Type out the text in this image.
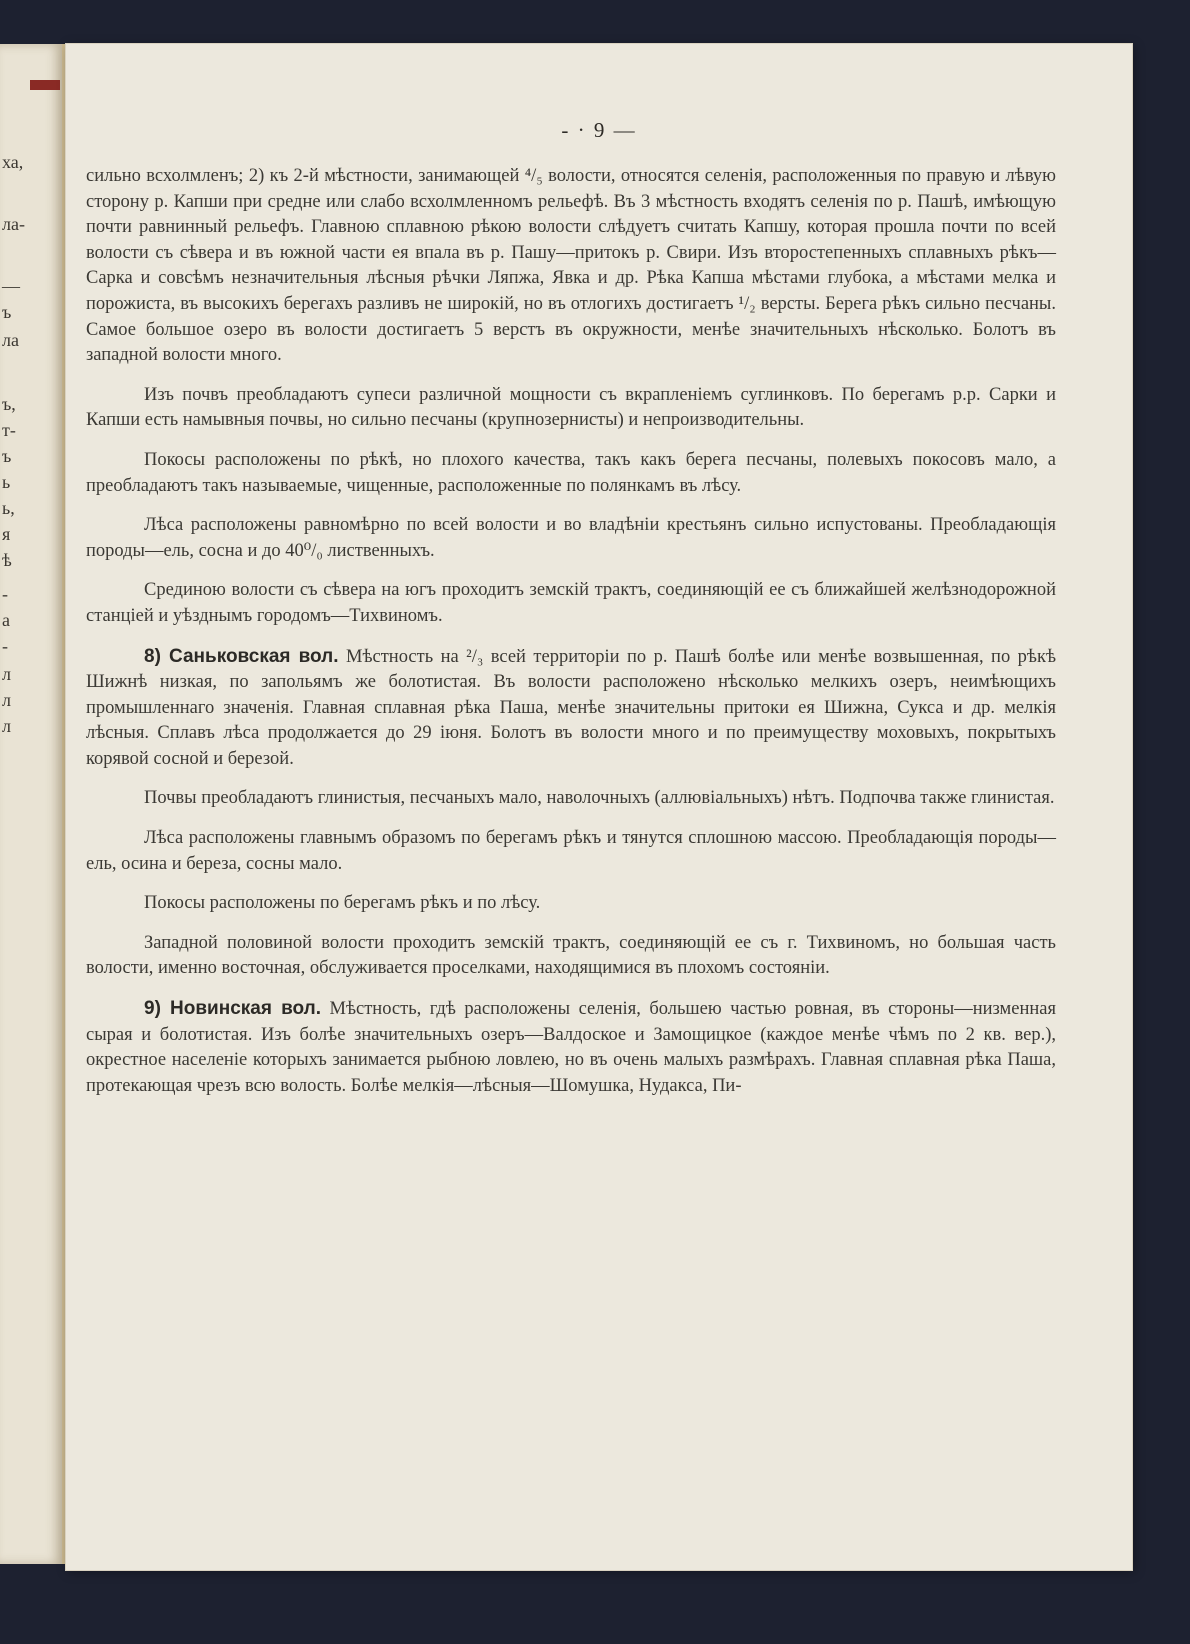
ха,
ла-
—
ъ
ла
ъ,
т-
ъ
ь
ь,
я
ѣ
-
а
-
л
л
л
- · 9 —

сильно всхолмленъ; 2) къ 2-й мѣстности, занимающей ⁴/₅ волости, относятся селенія, расположенныя по правую и лѣвую сторону р. Капши при средне или слабо всхолмленномъ рельефѣ. Въ 3 мѣстность входятъ селенія по р. Пашѣ, имѣющую почти равнинный рельефъ. Главною сплавною рѣкою волости слѣдуетъ считать Капшу, которая прошла почти по всей волости съ сѣвера и въ южной части ея впала въ р. Пашу—притокъ р. Свири. Изъ второстепенныхъ сплавныхъ рѣкъ—Сарка и совсѣмъ незначительныя лѣсныя рѣчки Ляпжа, Явка и др. Рѣка Капша мѣстами глубока, а мѣстами мелка и порожиста, въ высокихъ берегахъ разливъ не широкій, но въ отлогихъ достигаетъ ¹/₂ версты. Берега рѣкъ сильно песчаны. Самое большое озеро въ волости достигаетъ 5 верстъ въ окружности, менѣе значительныхъ нѣсколько. Болотъ въ западной волости много.

Изъ почвъ преобладаютъ супеси различной мощности съ вкрапленіемъ суглинковъ. По берегамъ р.р. Сарки и Капши есть намывныя почвы, но сильно песчаны (крупнозернисты) и непроизводительны.

Покосы расположены по рѣкѣ, но плохого качества, такъ какъ берега песчаны, полевыхъ покосовъ мало, а преобладаютъ такъ называемые, чищенные, расположенные по полянкамъ въ лѣсу.

Лѣса расположены равномѣрно по всей волости и во владѣніи крестьянъ сильно испустованы. Преобладающія породы—ель, сосна и до 40⁰/₀ лиственныхъ.

Срединою волости съ сѣвера на югъ проходитъ земскій трактъ, соединяющій ее съ ближайшей желѣзнодорожной станціей и уѣзднымъ городомъ—Тихвиномъ.

8) Саньковская вол. Мѣстность на ²/₃ всей территоріи по р. Пашѣ болѣе или менѣе возвышенная, по рѣкѣ Шижнѣ низкая, по запольямъ же болотистая. Въ волости расположено нѣсколько мелкихъ озеръ, неимѣющихъ промышленнаго значенія. Главная сплавная рѣка Паша, менѣе значительны притоки ея Шижна, Сукса и др. мелкія лѣсныя. Сплавъ лѣса продолжается до 29 іюня. Болотъ въ волости много и по преимуществу моховыхъ, покрытыхъ корявой сосной и березой.

Почвы преобладаютъ глинистыя, песчаныхъ мало, наволочныхъ (аллювіальныхъ) нѣтъ. Подпочва также глинистая.

Лѣса расположены главнымъ образомъ по берегамъ рѣкъ и тянутся сплошною массою. Преобладающія породы—ель, осина и береза, сосны мало.

Покосы расположены по берегамъ рѣкъ и по лѣсу.

Западной половиной волости проходитъ земскій трактъ, соединяющій ее съ г. Тихвиномъ, но большая часть волости, именно восточная, обслуживается проселками, находящимися въ плохомъ состояніи.

9) Новинская вол. Мѣстность, гдѣ расположены селенія, большею частью ровная, въ стороны—низменная сырая и болотистая. Изъ болѣе значительныхъ озеръ—Валдоское и Замощицкое (каждое менѣе чѣмъ по 2 кв. вер.), окрестное населеніе которыхъ занимается рыбною ловлею, но въ очень малыхъ размѣрахъ. Главная сплавная рѣка Паша, протекающая чрезъ всю волость. Болѣе мелкія—лѣсныя—Шомушка, Нудакса, Пи-
